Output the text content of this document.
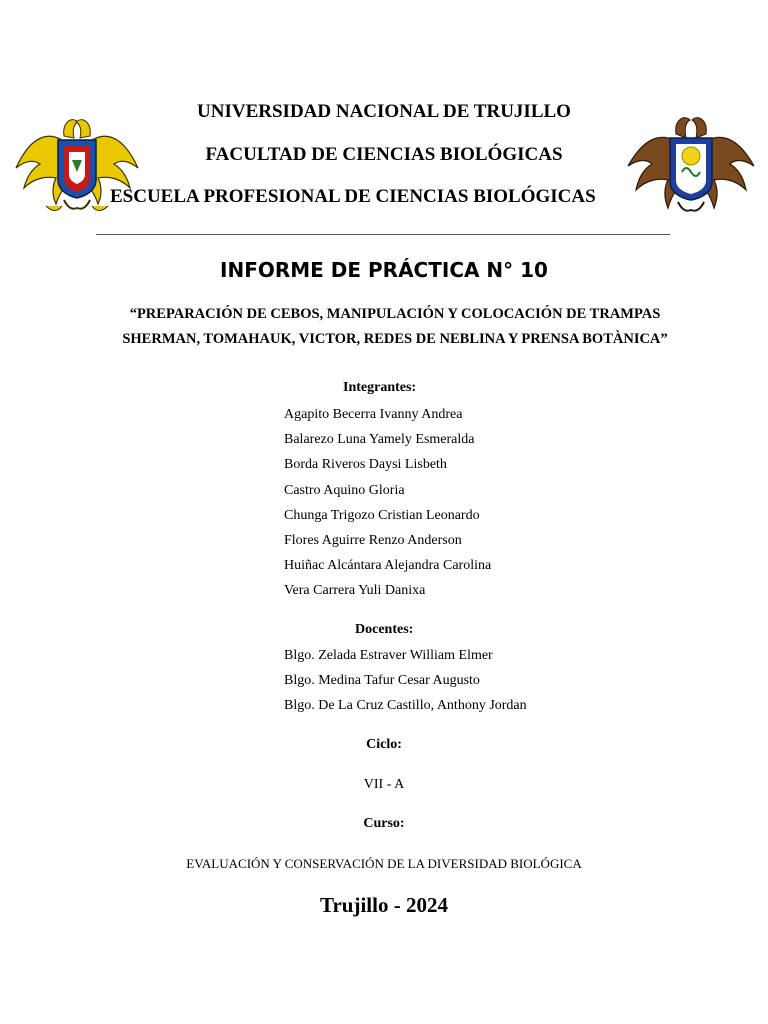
UNIVERSIDAD NACIONAL DE TRUJILLO
FACULTAD DE CIENCIAS BIOLÓGICAS
ESCUELA PROFESIONAL DE CIENCIAS BIOLÓGICAS
INFORME DE PRÁCTICA N° 10
“PREPARACIÓN DE CEBOS, MANIPULACIÓN Y COLOCACIÓN DE TRAMPAS
SHERMAN, TOMAHAUK, VICTOR, REDES DE NEBLINA Y PRENSA BOTÀNICA”
Integrantes:
Agapito Becerra Ivanny Andrea
Balarezo Luna Yamely Esmeralda
Borda Riveros Daysi Lisbeth
Castro Aquino Gloria
Chunga Trigozo Cristian Leonardo
Flores Aguirre Renzo Anderson
Huiñac Alcántara Alejandra Carolina
Vera Carrera Yuli Danixa
Docentes:
Blgo. Zelada Estraver William Elmer
Blgo. Medina Tafur Cesar Augusto
Blgo. De La Cruz Castillo, Anthony Jordan
Ciclo:
VII - A
Curso:
EVALUACIÓN Y CONSERVACIÓN DE LA DIVERSIDAD BIOLÓGICA
Trujillo - 2024
